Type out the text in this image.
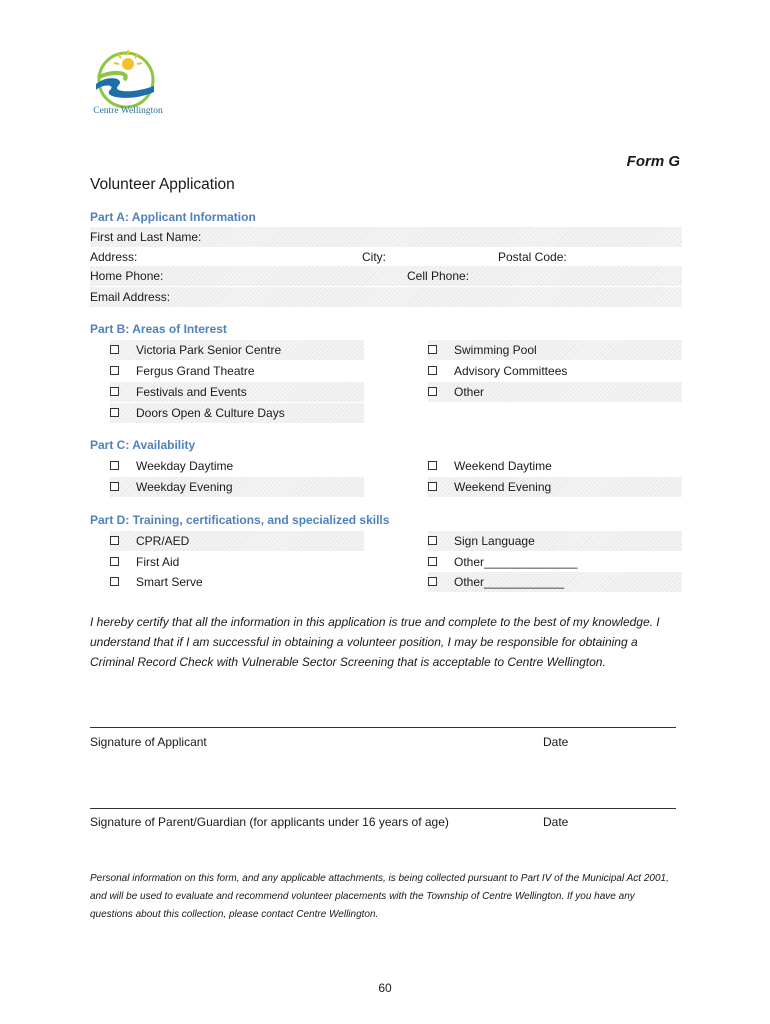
Centre Wellington
Form G
Volunteer Application
Part A: Applicant Information
First and Last Name:
Address:	City:	Postal Code:
Home Phone:	Cell Phone:
Email Address:
Part B: Areas of Interest
Victoria Park Senior Centre
Fergus Grand Theatre
Festivals and Events
Doors Open & Culture Days
Swimming Pool
Advisory Committees
Other
Part C: Availability
Weekday Daytime
Weekday Evening
Weekend Daytime
Weekend Evening
Part D: Training, certifications, and specialized skills
CPR/AED
First Aid
Smart Serve
Sign Language
Other______________
Other____________
I hereby certify that all the information in this application is true and complete to the best of my knowledge. I understand that if I am successful in obtaining a volunteer position, I may be responsible for obtaining a Criminal Record Check with Vulnerable Sector Screening that is acceptable to Centre Wellington.
Signature of Applicant	Date
Signature of Parent/Guardian (for applicants under 16 years of age)	Date
Personal information on this form, and any applicable attachments, is being collected pursuant to Part IV of the Municipal Act 2001, and will be used to evaluate and recommend volunteer placements with the Township of Centre Wellington. If you have any questions about this collection, please contact Centre Wellington.
60
